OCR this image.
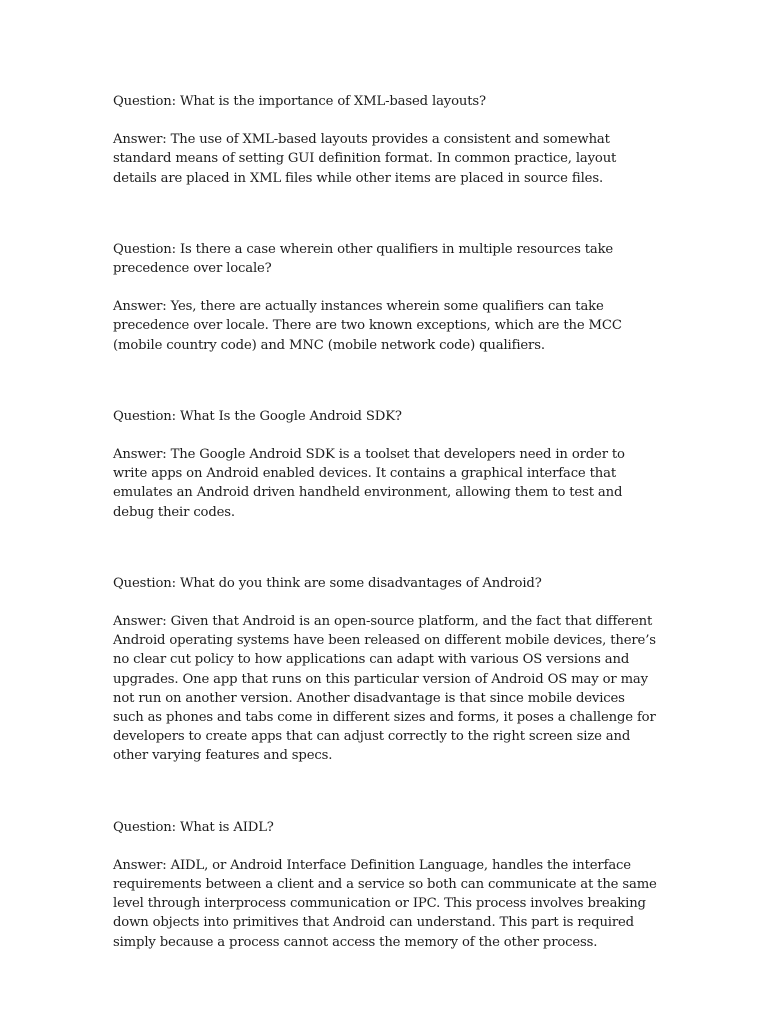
Question: What is the importance of XML-based layouts?

Answer: The use of XML-based layouts provides a consistent and somewhat standard means of setting GUI definition format. In common practice, layout details are placed in XML files while other items are placed in source files.

Question: Is there a case wherein other qualifiers in multiple resources take precedence over locale?

Answer: Yes, there are actually instances wherein some qualifiers can take precedence over locale. There are two known exceptions, which are the MCC (mobile country code) and MNC (mobile network code) qualifiers.

Question: What Is the Google Android SDK?

Answer: The Google Android SDK is a toolset that developers need in order to write apps on Android enabled devices. It contains a graphical interface that emulates an Android driven handheld environment, allowing them to test and debug their codes.

Question: What do you think are some disadvantages of Android?

Answer: Given that Android is an open-source platform, and the fact that different Android operating systems have been released on different mobile devices, there’s no clear cut policy to how applications can adapt with various OS versions and upgrades. One app that runs on this particular version of Android OS may or may not run on another version. Another disadvantage is that since mobile devices such as phones and tabs come in different sizes and forms, it poses a challenge for developers to create apps that can adjust correctly to the right screen size and other varying features and specs.

Question: What is AIDL?

Answer: AIDL, or Android Interface Definition Language, handles the interface requirements between a client and a service so both can communicate at the same level through interprocess communication or IPC. This process involves breaking down objects into primitives that Android can understand. This part is required simply because a process cannot access the memory of the other process.
